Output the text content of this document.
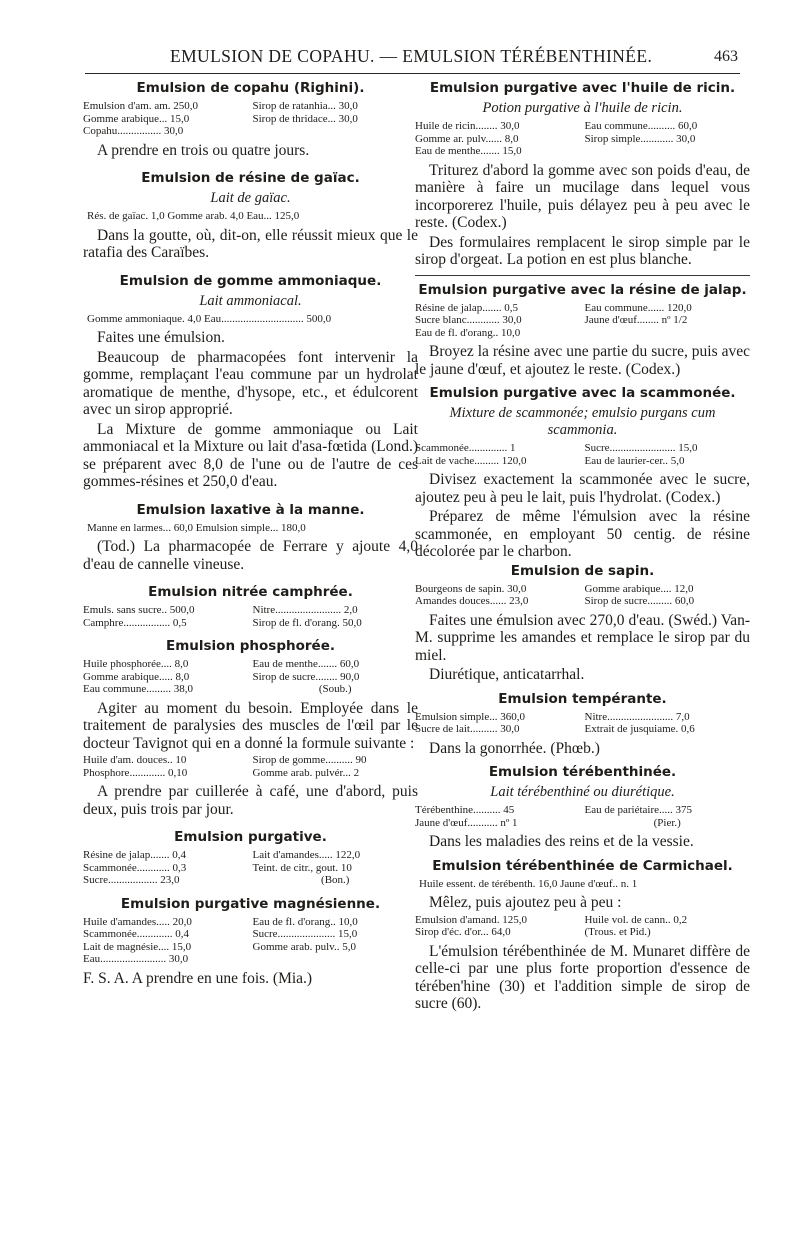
EMULSION DE COPAHU. — EMULSION TÉRÉBENTHINÉE.	463
Emulsion de copahu (Righini).
Emulsion d'am. am. 250,0	Sirop de ratanhia... 30,0
Gomme arabique... 15,0	Sirop de thridace... 30,0
Copahu................ 30,0

A prendre en trois ou quatre jours.

Emulsion de résine de gaïac.
Lait de gaïac.
Rés. de gaïac. 1,0 Gomme arab. 4,0 Eau... 125,0

Dans la goutte, où, dit-on, elle réussit mieux que le ratafia des Caraïbes.

Emulsion de gomme ammoniaque.
Lait ammoniacal.
Gomme ammoniaque. 4,0 Eau.............................. 500,0

Faites une émulsion.

Beaucoup de pharmacopées font intervenir la gomme, remplaçant l'eau commune par un hydrolat aromatique de menthe, d'hysope, etc., et édulcorent avec un sirop approprié.

La Mixture de gomme ammoniaque ou Lait ammoniacal et la Mixture ou lait d'asa-fœtida (Lond.) se préparent avec 8,0 de l'une ou de l'autre de ces gommes-résines et 250,0 d'eau.

Emulsion laxative à la manne.
Manne en larmes... 60,0 Emulsion simple... 180,0

(Tod.) La pharmacopée de Ferrare y ajoute 4,0 d'eau de cannelle vineuse.

Emulsion nitrée camphrée.
Emuls. sans sucre.. 500,0	Nitre........................ 2,0
Camphre................. 0,5	Sirop de fl. d'orang. 50,0
Emulsion phosphorée.
Huile phosphorée.... 8,0	Eau de menthe....... 60,0
Gomme arabique..... 8,0	Sirop de sucre........ 90,0
Eau commune......... 38,0	(Soub.)

Agiter au moment du besoin. Employée dans le traitement de paralysies des muscles de l'œil par le docteur Tavignot qui en a donné la formule suivante :

Huile d'am. douces.. 10	Sirop de gomme.......... 90
Phosphore............. 0,10	Gomme arab. pulvér... 2

A prendre par cuillerée à café, une d'abord, puis deux, puis trois par jour.

Emulsion purgative.
Résine de jalap....... 0,4	Lait d'amandes..... 122,0
Scammonée............ 0,3	Teint. de citr., gout. 10
Sucre.................. 23,0	(Bon.)
Emulsion purgative magnésienne.
Huile d'amandes..... 20,0	Eau de fl. d'orang.. 10,0
Scammonée............. 0,4	Sucre..................... 15,0
Lait de magnésie.... 15,0	Gomme arab. pulv.. 5,0
Eau........................ 30,0

F. S. A. A prendre en une fois. (Mia.)

Emulsion purgative avec l'huile de ricin.
Potion purgative à l'huile de ricin.
Huile de ricin........ 30,0	Eau commune.......... 60,0
Gomme ar. pulv...... 8,0	Sirop simple............ 30,0
Eau de menthe....... 15,0

Triturez d'abord la gomme avec son poids d'eau, de manière à faire un mucilage dans lequel vous incorporerez l'huile, puis délayez peu à peu avec le reste. (Codex.)

Des formulaires remplacent le sirop simple par le sirop d'orgeat. La potion en est plus blanche.

Emulsion purgative avec la résine de jalap.
Résine de jalap....... 0,5	Eau commune...... 120,0
Sucre blanc............ 30,0	Jaune d'œuf........ nº 1/2
Eau de fl. d'orang.. 10,0

Broyez la résine avec une partie du sucre, puis avec le jaune d'œuf, et ajoutez le reste. (Codex.)

Emulsion purgative avec la scammonée.
Mixture de scammonée; emulsio purgans cum scammonia.
Scammonée.............. 1	Sucre........................ 15,0
Lait de vache......... 120,0	Eau de laurier-cer.. 5,0

Divisez exactement la scammonée avec le sucre, ajoutez peu à peu le lait, puis l'hydrolat. (Codex.)

Préparez de même l'émulsion avec la résine scammonée, en employant 50 centig. de résine décolorée par le charbon.

Emulsion de sapin.
Bourgeons de sapin. 30,0	Gomme arabique.... 12,0
Amandes douces...... 23,0	Sirop de sucre......... 60,0

Faites une émulsion avec 270,0 d'eau. (Swéd.) Van-M. supprime les amandes et remplace le sirop par du miel.

Diurétique, anticatarrhal.

Emulsion tempérante.
Emulsion simple... 360,0	Nitre........................ 7,0
Sucre de lait.......... 30,0	Extrait de jusquiame. 0,6

Dans la gonorrhée. (Phœb.)

Emulsion térébenthinée.
Lait térébenthiné ou diurétique.
Térébenthine.......... 45	Eau de pariétaire..... 375
Jaune d'œuf........... nº 1	(Pier.)

Dans les maladies des reins et de la vessie.

Emulsion térébenthinée de Carmichael.
Huile essent. de térébenth. 16,0 Jaune d'œuf.. n. 1

Mêlez, puis ajoutez peu à peu :

Emulsion d'amand. 125,0	Huile vol. de cann.. 0,2
Sirop d'éc. d'or... 64,0	(Trous. et Pid.)

L'émulsion térébenthinée de M. Munaret diffère de celle-ci par une plus forte proportion d'essence de térében'hine (30) et l'addition simple de sirop de sucre (60).
